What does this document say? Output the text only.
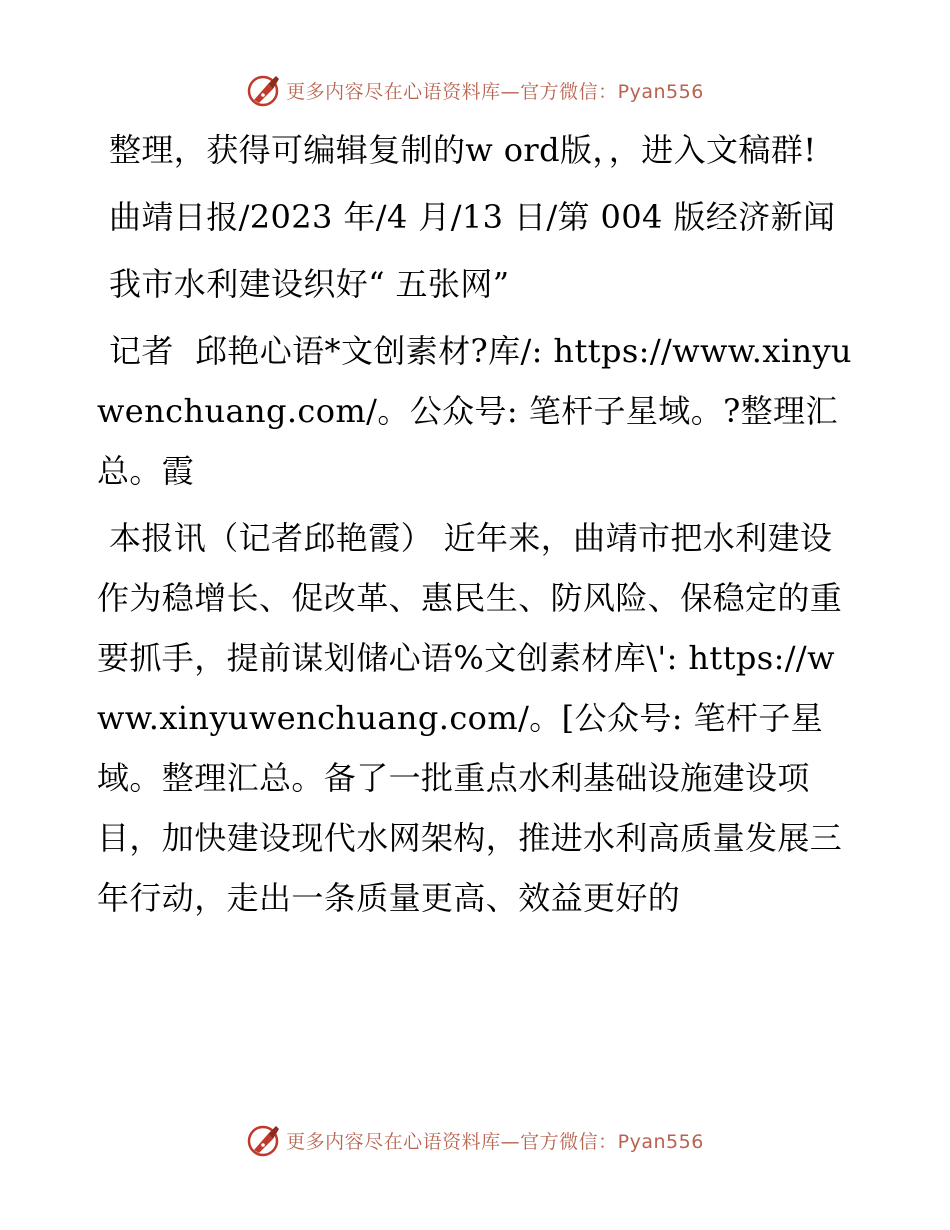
更多内容尽在心语资料库—官方微信：Pyan556

整理，获得可编辑复制的w ord版，，进入文稿群!

曲靖日报/2023 年/4 月/13 日/第 004 版经济新闻

我市水利建设织好“ 五张网”

记者  邱艳心语*文创素材?库/: https://www.xinyuwenchuang.com/。公众号: 笔杆子星域。?整理汇总。霞

本报讯（记者邱艳霞） 近年来，曲靖市把水利建设作为稳增长、促改革、惠民生、防风险、保稳定的重要抓手，提前谋划储心语%文创素材库\': https://www.xinyuwenchuang.com/。[公众号: 笔杆子星域。整理汇总。备了一批重点水利基础设施建设项目，加快建设现代水网架构，推进水利高质量发展三年行动，走出一条质量更高、效益更好的

更多内容尽在心语资料库—官方微信：Pyan556
